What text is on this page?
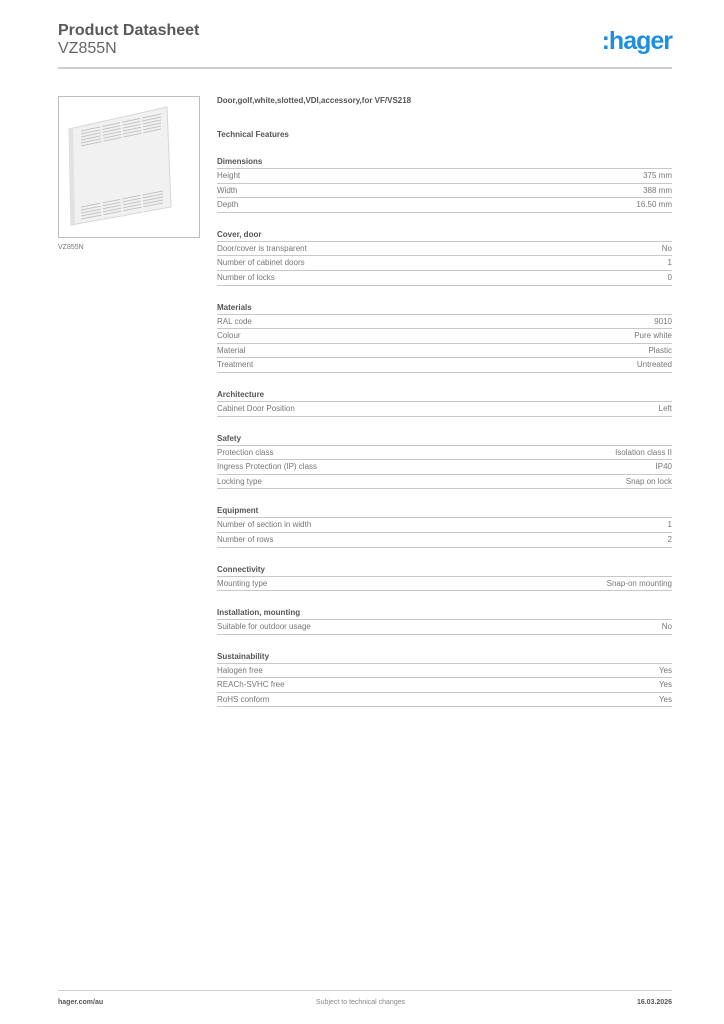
Product Datasheet
VZ855N	:hager
VZ855N
Door,golf,white,slotted,VDI,accessory,for VF/VS218
Technical Features
Dimensions
Height	375 mm
Width	388 mm
Depth	16.50 mm
Cover, door
Door/cover is transparent	No
Number of cabinet doors	1
Number of locks	0
Materials
RAL code	9010
Colour	Pure white
Material	Plastic
Treatment	Untreated
Architecture
Cabinet Door Position	Left
Safety
Protection class	Isolation class II
Ingress Protection (IP) class	IP40
Locking type	Snap on lock
Equipment
Number of section in width	1
Number of rows	2
Connectivity
Mounting type	Snap-on mounting
Installation, mounting
Suitable for outdoor usage	No
Sustainability
Halogen free	Yes
REACh-SVHC free	Yes
RoHS conform	Yes
hager.com/au	Subject to technical changes	16.03.2026
